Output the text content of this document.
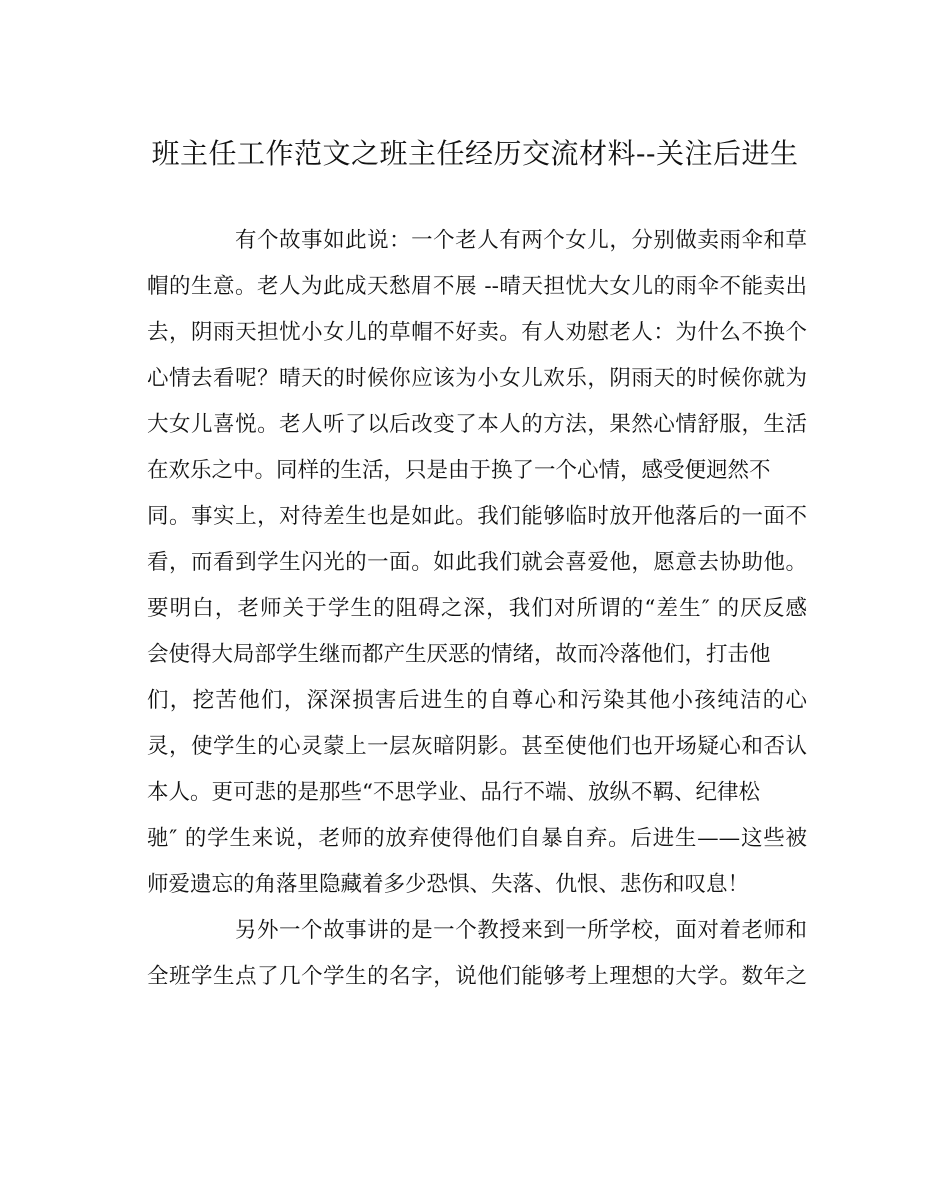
班主任工作范文之班主任经历交流材料--关注后进生
有个故事如此说：一个老人有两个女儿，分别做卖雨伞和草
帽的生意。老人为此成天愁眉不展 --晴天担忧大女儿的雨伞不能卖出
去，阴雨天担忧小女儿的草帽不好卖。有人劝慰老人：为什么不换个
心情去看呢？晴天的时候你应该为小女儿欢乐，阴雨天的时候你就为
大女儿喜悦。老人听了以后改变了本人的方法，果然心情舒服，生活
在欢乐之中。同样的生活，只是由于换了一个心情，感受便迥然不
同。事实上，对待差生也是如此。我们能够临时放开他落后的一面不
看，而看到学生闪光的一面。如此我们就会喜爱他，愿意去协助他。
要明白，老师关于学生的阻碍之深，我们对所谓的“差生″ 的厌反感
会使得大局部学生继而都产生厌恶的情绪，故而冷落他们，打击他
们，挖苦他们，深深损害后进生的自尊心和污染其他小孩纯洁的心
灵，使学生的心灵蒙上一层灰暗阴影。甚至使他们也开场疑心和否认
本人。更可悲的是那些“不思学业、品行不端、放纵不羁、纪律松
驰″ 的学生来说，老师的放弃使得他们自暴自弃。后进生——这些被
师爱遗忘的角落里隐藏着多少恐惧、失落、仇恨、悲伤和叹息！
另外一个故事讲的是一个教授来到一所学校，面对着老师和
全班学生点了几个学生的名字，说他们能够考上理想的大学。数年之
